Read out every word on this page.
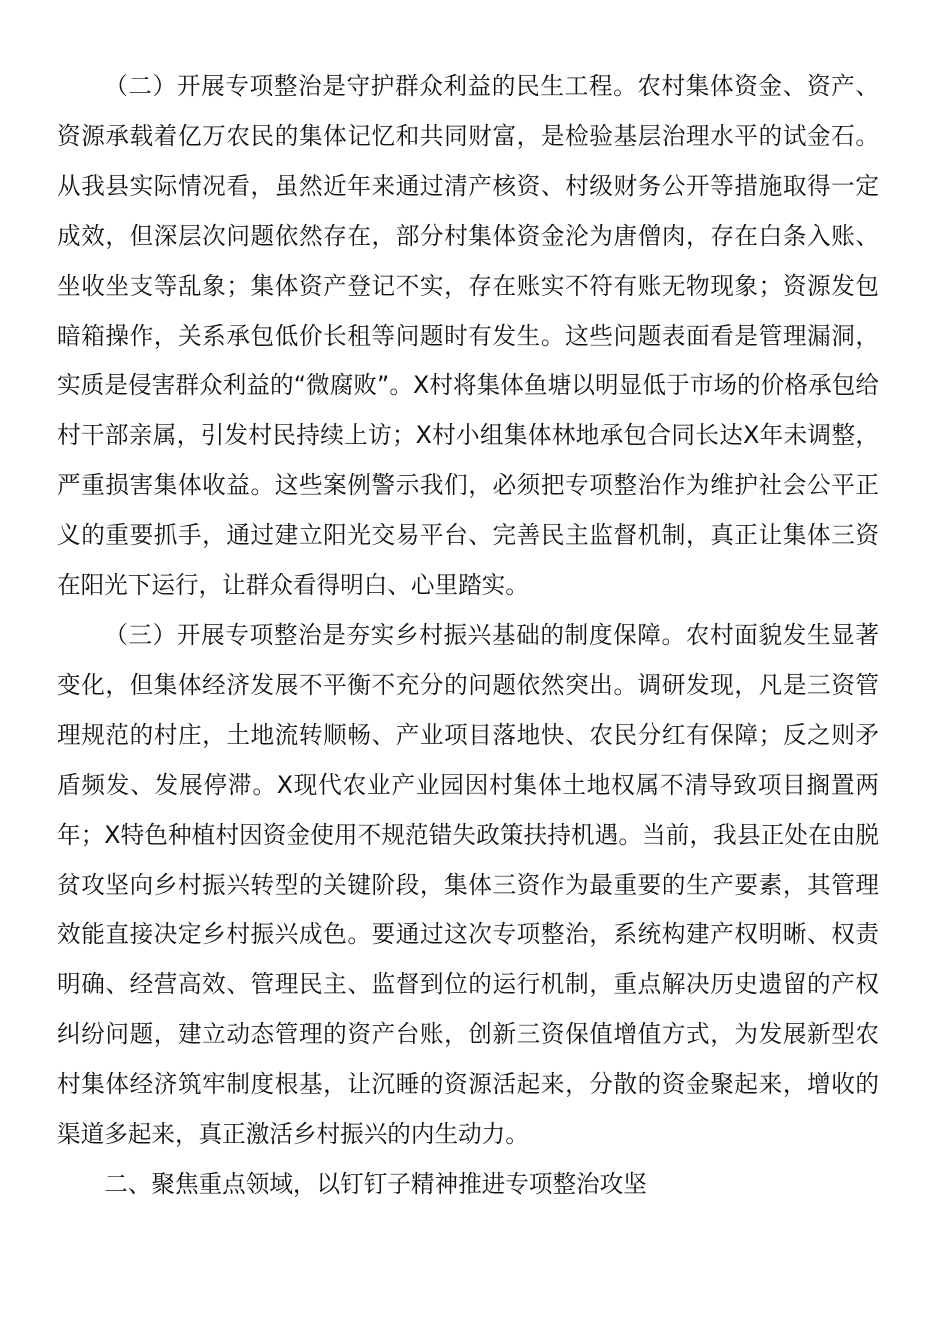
（二）开展专项整治是守护群众利益的民生工程。农村集体资金、资产、资源承载着亿万农民的集体记忆和共同财富，是检验基层治理水平的试金石。从我县实际情况看，虽然近年来通过清产核资、村级财务公开等措施取得一定成效，但深层次问题依然存在，部分村集体资金沦为唐僧肉，存在白条入账、坐收坐支等乱象；集体资产登记不实，存在账实不符有账无物现象；资源发包暗箱操作，关系承包低价长租等问题时有发生。这些问题表面看是管理漏洞，实质是侵害群众利益的“微腐败”。X村将集体鱼塘以明显低于市场的价格承包给村干部亲属，引发村民持续上访；X村小组集体林地承包合同长达X年未调整，严重损害集体收益。这些案例警示我们，必须把专项整治作为维护社会公平正义的重要抓手，通过建立阳光交易平台、完善民主监督机制，真正让集体三资在阳光下运行，让群众看得明白、心里踏实。

（三）开展专项整治是夯实乡村振兴基础的制度保障。农村面貌发生显著变化，但集体经济发展不平衡不充分的问题依然突出。调研发现，凡是三资管理规范的村庄，土地流转顺畅、产业项目落地快、农民分红有保障；反之则矛盾频发、发展停滞。X现代农业产业园因村集体土地权属不清导致项目搁置两年；X特色种植村因资金使用不规范错失政策扶持机遇。当前，我县正处在由脱贫攻坚向乡村振兴转型的关键阶段，集体三资作为最重要的生产要素，其管理效能直接决定乡村振兴成色。要通过这次专项整治，系统构建产权明晰、权责明确、经营高效、管理民主、监督到位的运行机制，重点解决历史遗留的产权纠纷问题，建立动态管理的资产台账，创新三资保值增值方式，为发展新型农村集体经济筑牢制度根基，让沉睡的资源活起来，分散的资金聚起来，增收的渠道多起来，真正激活乡村振兴的内生动力。

二、聚焦重点领域，以钉钉子精神推进专项整治攻坚
